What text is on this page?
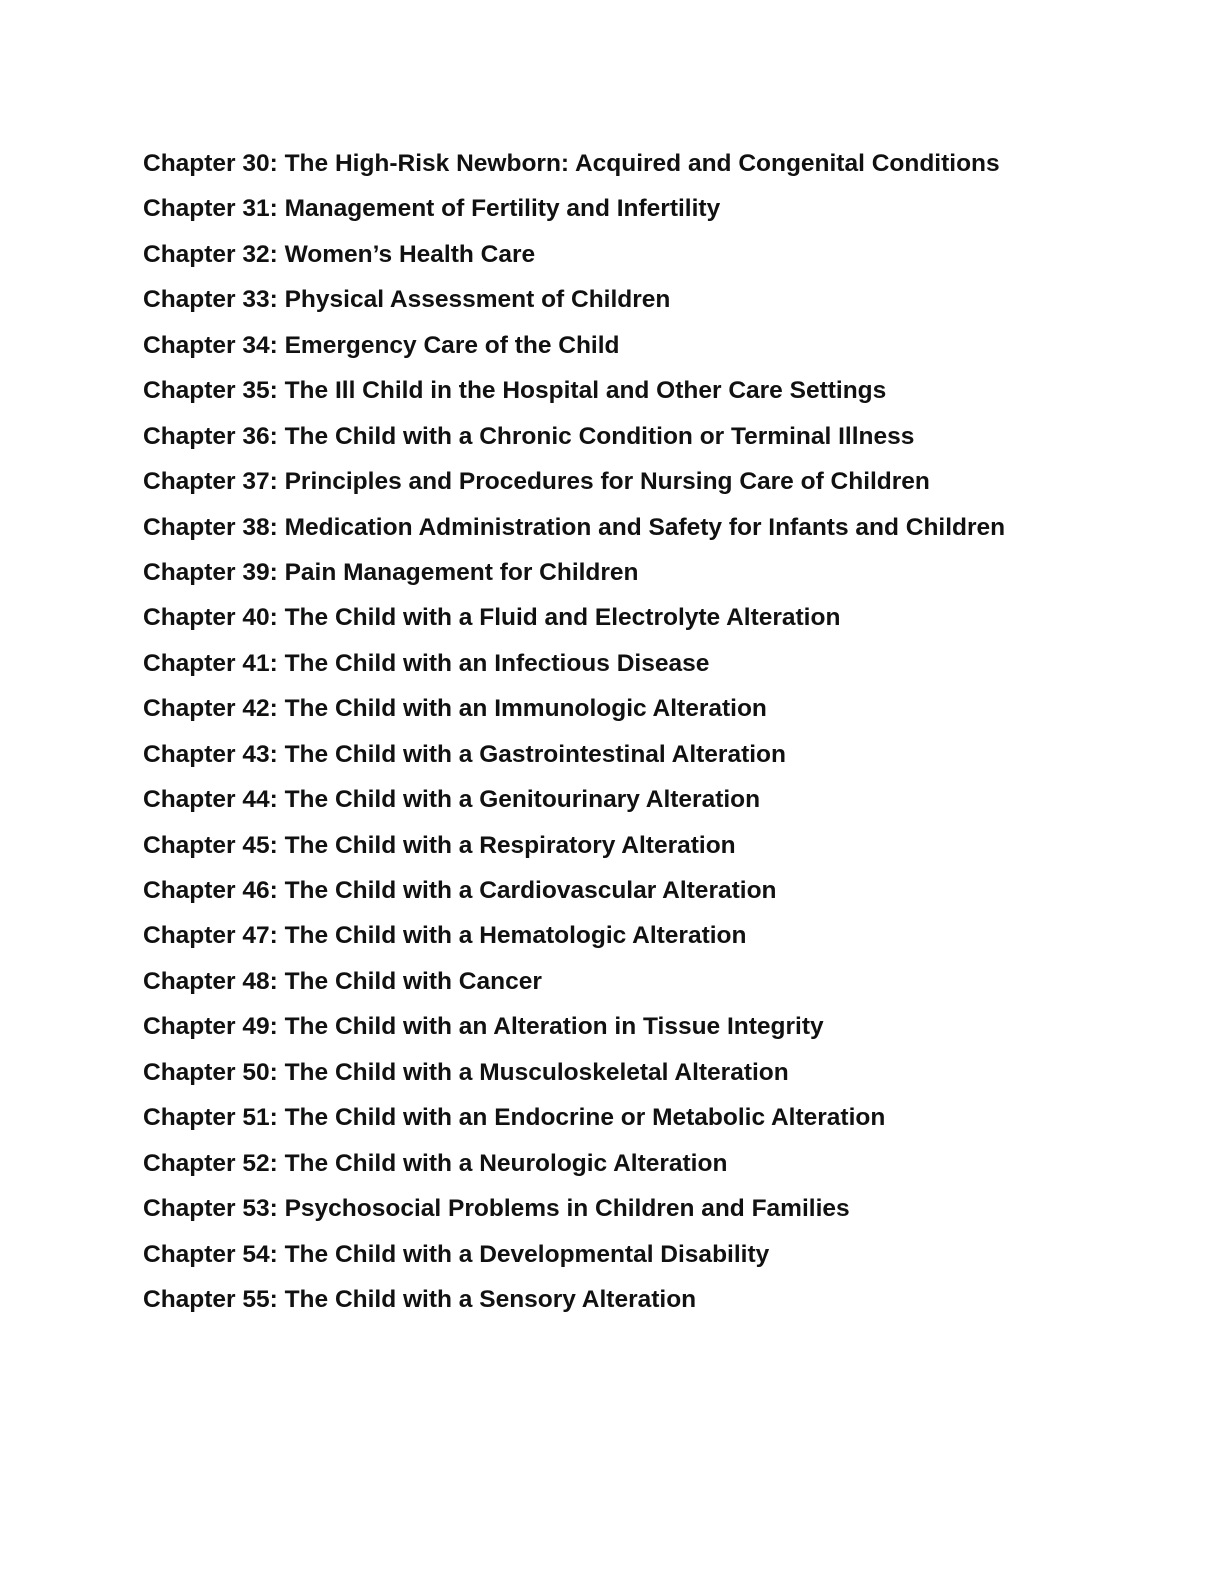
Chapter 30: The High-Risk Newborn: Acquired and Congenital Conditions
Chapter 31: Management of Fertility and Infertility
Chapter 32: Women’s Health Care
Chapter 33: Physical Assessment of Children
Chapter 34: Emergency Care of the Child
Chapter 35: The Ill Child in the Hospital and Other Care Settings
Chapter 36: The Child with a Chronic Condition or Terminal Illness
Chapter 37: Principles and Procedures for Nursing Care of Children
Chapter 38: Medication Administration and Safety for Infants and Children
Chapter 39: Pain Management for Children
Chapter 40: The Child with a Fluid and Electrolyte Alteration
Chapter 41: The Child with an Infectious Disease
Chapter 42: The Child with an Immunologic Alteration
Chapter 43: The Child with a Gastrointestinal Alteration
Chapter 44: The Child with a Genitourinary Alteration
Chapter 45: The Child with a Respiratory Alteration
Chapter 46: The Child with a Cardiovascular Alteration
Chapter 47: The Child with a Hematologic Alteration
Chapter 48: The Child with Cancer
Chapter 49: The Child with an Alteration in Tissue Integrity
Chapter 50: The Child with a Musculoskeletal Alteration
Chapter 51: The Child with an Endocrine or Metabolic Alteration
Chapter 52: The Child with a Neurologic Alteration
Chapter 53: Psychosocial Problems in Children and Families
Chapter 54: The Child with a Developmental Disability
Chapter 55: The Child with a Sensory Alteration
